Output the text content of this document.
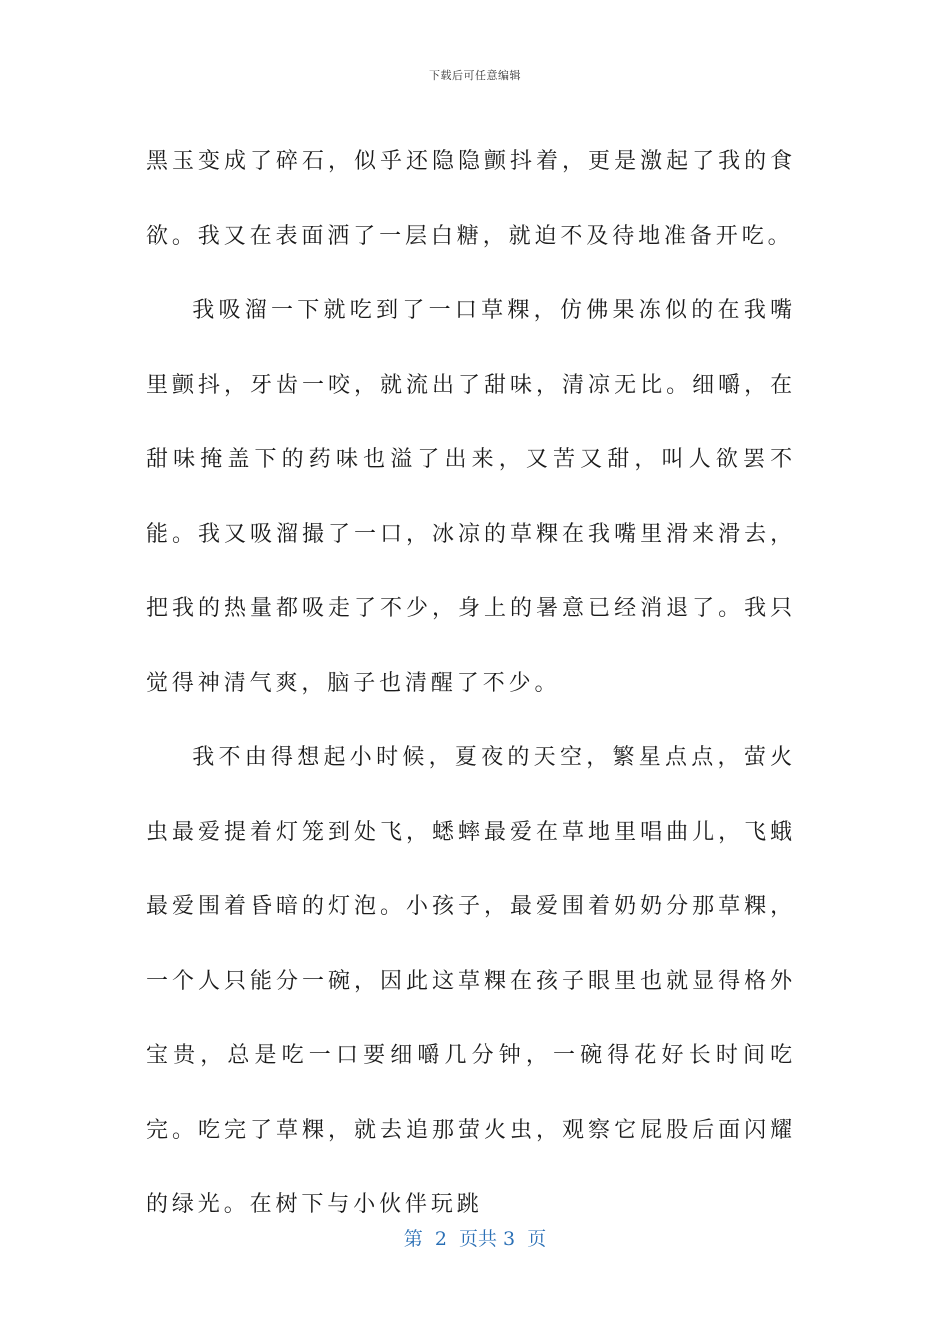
下载后可任意编辑

黑玉变成了碎石，似乎还隐隐颤抖着，更是激起了我的食欲。我又在表面洒了一层白糖，就迫不及待地准备开吃。

我吸溜一下就吃到了一口草粿，仿佛果冻似的在我嘴里颤抖，牙齿一咬，就流出了甜味，清凉无比。细嚼，在甜味掩盖下的药味也溢了出来，又苦又甜，叫人欲罢不能。我又吸溜撮了一口，冰凉的草粿在我嘴里滑来滑去，把我的热量都吸走了不少，身上的暑意已经消退了。我只觉得神清气爽，脑子也清醒了不少。

我不由得想起小时候，夏夜的天空，繁星点点，萤火虫最爱提着灯笼到处飞，蟋蟀最爱在草地里唱曲儿，飞蛾最爱围着昏暗的灯泡。小孩子，最爱围着奶奶分那草粿，一个人只能分一碗，因此这草粿在孩子眼里也就显得格外宝贵，总是吃一口要细嚼几分钟，一碗得花好长时间吃完。吃完了草粿，就去追那萤火虫，观察它屁股后面闪耀的绿光。在树下与小伙伴玩跳

第  2  页共 3  页
